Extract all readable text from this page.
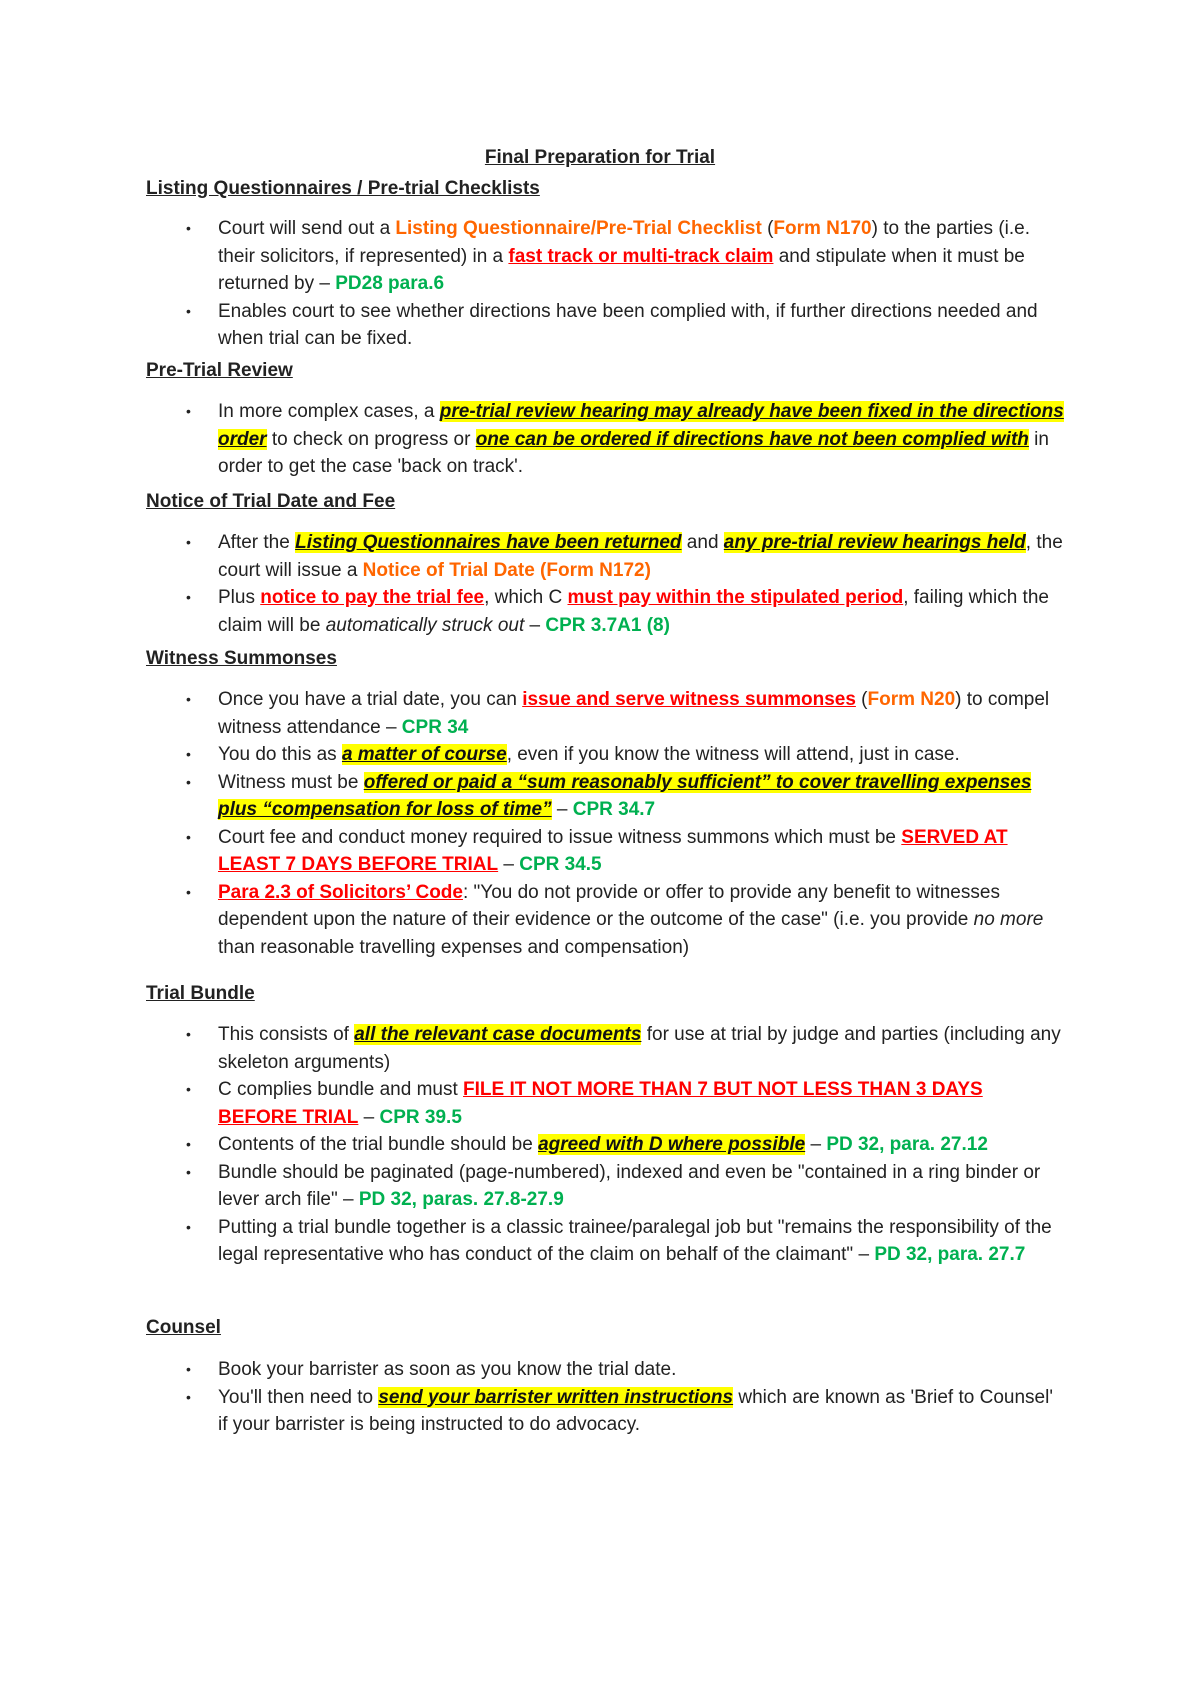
Final Preparation for Trial

Listing Questionnaires / Pre-trial Checklists

• Court will send out a Listing Questionnaire/Pre-Trial Checklist (Form N170) to the parties (i.e. their solicitors, if represented) in a fast track or multi-track claim and stipulate when it must be returned by – PD28 para.6
• Enables court to see whether directions have been complied with, if further directions needed and when trial can be fixed.

Pre-Trial Review

• In more complex cases, a pre-trial review hearing may already have been fixed in the directions order to check on progress or one can be ordered if directions have not been complied with in order to get the case 'back on track'.

Notice of Trial Date and Fee

• After the Listing Questionnaires have been returned and any pre-trial review hearings held, the court will issue a Notice of Trial Date (Form N172)
• Plus notice to pay the trial fee, which C must pay within the stipulated period, failing which the claim will be automatically struck out – CPR 3.7A1 (8)

Witness Summonses

• Once you have a trial date, you can issue and serve witness summonses (Form N20) to compel witness attendance – CPR 34
• You do this as a matter of course, even if you know the witness will attend, just in case.
• Witness must be offered or paid a “sum reasonably sufficient” to cover travelling expenses plus “compensation for loss of time” – CPR 34.7
• Court fee and conduct money required to issue witness summons which must be SERVED AT LEAST 7 DAYS BEFORE TRIAL – CPR 34.5
• Para 2.3 of Solicitors’ Code: "You do not provide or offer to provide any benefit to witnesses dependent upon the nature of their evidence or the outcome of the case" (i.e. you provide no more than reasonable travelling expenses and compensation)

Trial Bundle

• This consists of all the relevant case documents for use at trial by judge and parties (including any skeleton arguments)
• C complies bundle and must FILE IT NOT MORE THAN 7 BUT NOT LESS THAN 3 DAYS BEFORE TRIAL – CPR 39.5
• Contents of the trial bundle should be agreed with D where possible – PD 32, para. 27.12
• Bundle should be paginated (page-numbered), indexed and even be "contained in a ring binder or lever arch file" – PD 32, paras. 27.8-27.9
• Putting a trial bundle together is a classic trainee/paralegal job but "remains the responsibility of the legal representative who has conduct of the claim on behalf of the claimant" – PD 32, para. 27.7

Counsel

• Book your barrister as soon as you know the trial date.
• You'll then need to send your barrister written instructions which are known as 'Brief to Counsel' if your barrister is being instructed to do advocacy.
